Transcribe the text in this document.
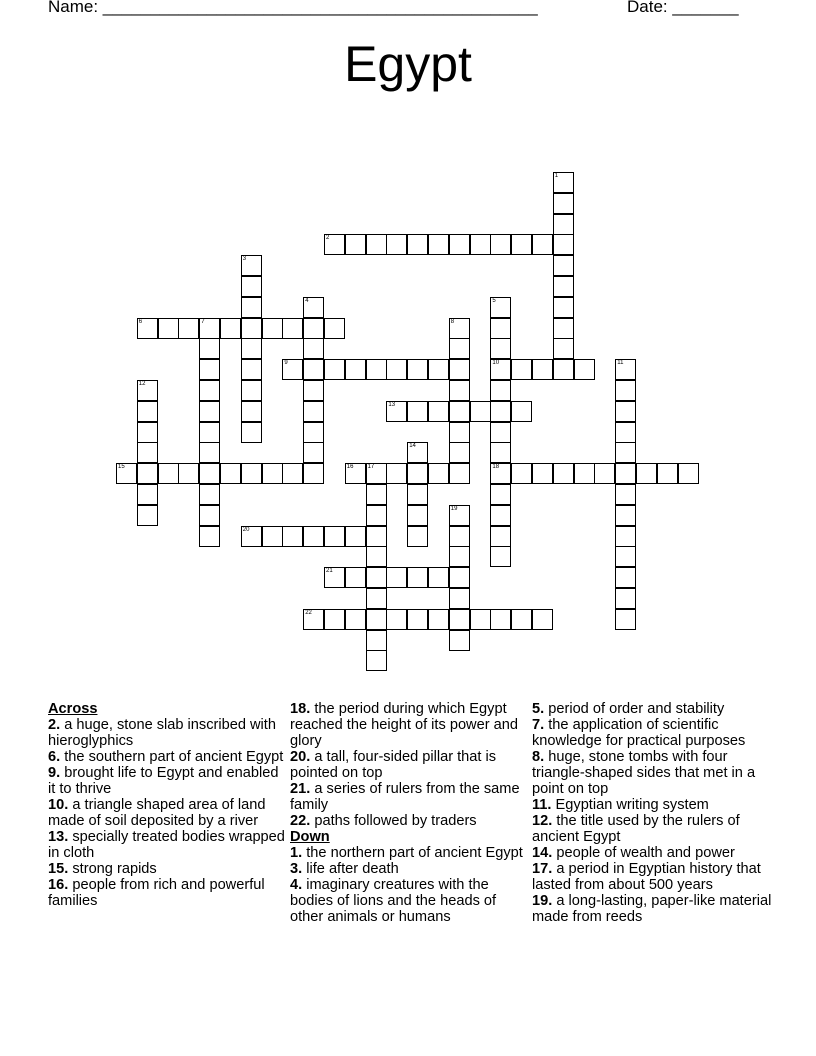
Name: ______________________________________________	Date: _______
Egypt
1
2
3
4	5
10
18
6	7	8
9	11
12
13
14
15	16 17
19
20
21
22
Across
2. a huge, stone slab inscribed with hieroglyphics
6. the southern part of ancient Egypt
9. brought life to Egypt and enabled it to thrive
10. a triangle shaped area of land made of soil deposited by a river
13. specially treated bodies wrapped in cloth
15. strong rapids
16. people from rich and powerful families
18. the period during which Egypt reached the height of its power and glory
20. a tall, four-sided pillar that is pointed on top
21. a series of rulers from the same family
22. paths followed by traders
Down
1. the northern part of ancient Egypt
3. life after death
4. imaginary creatures with the bodies of lions and the heads of other animals or humans
5. period of order and stability
7. the application of scientific knowledge for practical purposes
8. huge, stone tombs with four triangle-shaped sides that met in a point on top
11. Egyptian writing system
12. the title used by the rulers of ancient Egypt
14. people of wealth and power
17. a period in Egyptian history that lasted from about 500 years
19. a long-lasting, paper-like material made from reeds
